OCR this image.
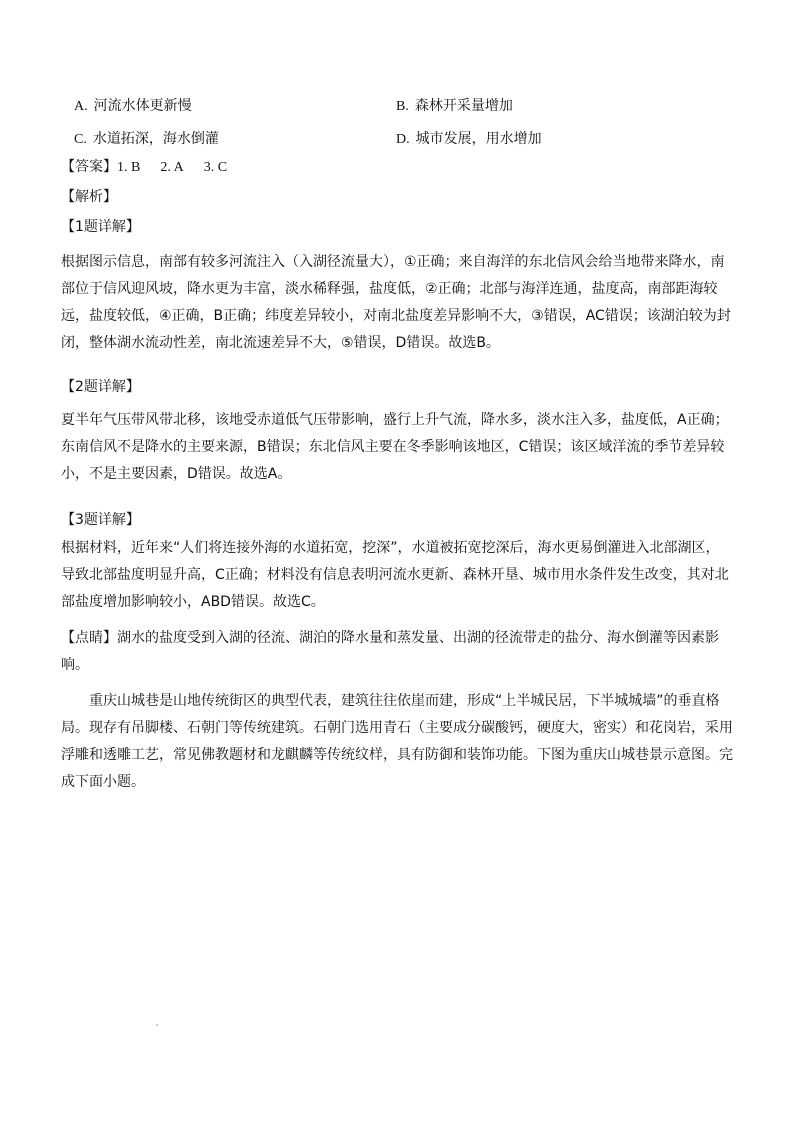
A. 河流水体更新慢	B. 森林开采量增加
C. 水道拓深，海水倒灌	D. 城市发展，用水增加
【答案】1. B 2. A 3. C
【解析】
【1题详解】
根据图示信息，南部有较多河流注入（入湖径流量大），①正确；来自海洋的东北信风会给当地带来降水，南部位于信风迎风坡，降水更为丰富，淡水稀释强，盐度低，②正确；北部与海洋连通，盐度高，南部距海较远，盐度较低，④正确，B正确；纬度差异较小，对南北盐度差异影响不大，③错误，AC错误；该湖泊较为封闭，整体湖水流动性差，南北流速差异不大，⑤错误，D错误。故选B。
【2题详解】
夏半年气压带风带北移，该地受赤道低气压带影响，盛行上升气流，降水多，淡水注入多，盐度低，A正确；东南信风不是降水的主要来源，B错误；东北信风主要在冬季影响该地区，C错误；该区域洋流的季节差异较小，不是主要因素，D错误。故选A。
【3题详解】
根据材料，近年来“人们将连接外海的水道拓宽，挖深”，水道被拓宽挖深后，海水更易倒灌进入北部湖区，导致北部盐度明显升高，C正确；材料没有信息表明河流水更新、森林开垦、城市用水条件发生改变，其对北部盐度增加影响较小，ABD错误。故选C。
【点睛】湖水的盐度受到入湖的径流、湖泊的降水量和蒸发量、出湖的径流带走的盐分、海水倒灌等因素影响。
重庆山城巷是山地传统街区的典型代表，建筑往往依崖而建，形成“上半城民居，下半城城墙”的垂直格局。现存有吊脚楼、石朝门等传统建筑。石朝门选用青石（主要成分碳酸钙，硬度大，密实）和花岗岩，采用浮雕和透雕工艺，常见佛教题材和龙麒麟等传统纹样，具有防御和装饰功能。下图为重庆山城巷景示意图。完成下面小题。
